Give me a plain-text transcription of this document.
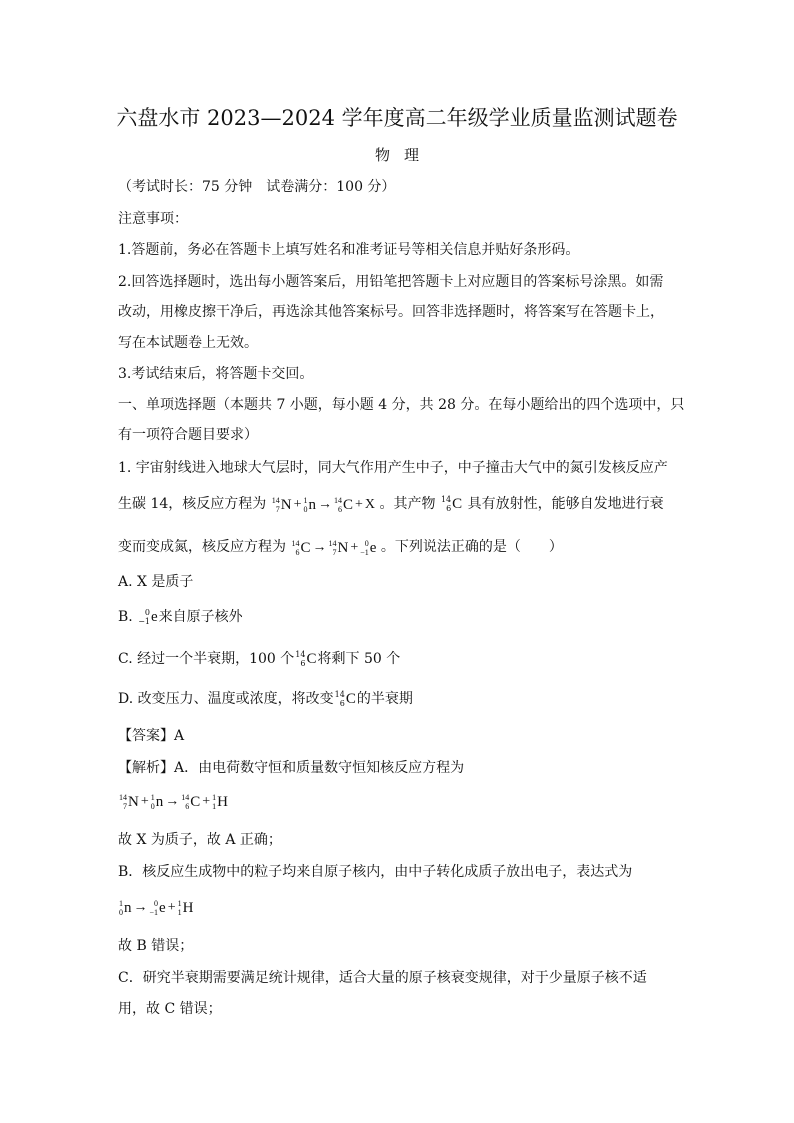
六盘水市 2023—2024 学年度高二年级学业质量监测试题卷
物理
（考试时长：75 分钟　试卷满分：100 分）
注意事项：
1.答题前，务必在答题卡上填写姓名和准考证号等相关信息并贴好条形码。
2.回答选择题时，选出每小题答案后，用铅笔把答题卡上对应题目的答案标号涂黑。如需
改动，用橡皮擦干净后，再选涂其他答案标号。回答非选择题时，将答案写在答题卡上，
写在本试题卷上无效。
3.考试结束后，将答题卡交回。
一、单项选择题（本题共 7 小题，每小题 4 分，共 28 分。在每小题给出的四个选项中，只
有一项符合题目要求）
1. 宇宙射线进入地球大气层时，同大气作用产生中子，中子撞击大气中的氮引发核反应产
生碳 14，核反应方程为 14
7 N + 1
0 n → 14
6 C + X 。其产物 14
6 C 具有放射性，能够自发地进行衰
变而变成氮，核反应方程为 14
6 C → 14
7 N + 0
−1 e 。下列说法正确的是（　　）
A. X 是质子
B. 0
−1 e 来自原子核外
C. 经过一个半衰期，100 个 14
6 C 将剩下 50 个
D. 改变压力、温度或浓度，将改变 14
6 C 的半衰期
【答案】A
【解析】A．由电荷数守恒和质量数守恒知核反应方程为
14
7 N + 1
0 n → 14
6 C + 1
1 H
故 X 为质子，故 A 正确；
B．核反应生成物中的粒子均来自原子核内，由中子转化成质子放出电子，表达式为
1
0 n → 0
−1 e + 1
1 H
故 B 错误；
C．研究半衰期需要满足统计规律，适合大量的原子核衰变规律，对于少量原子核不适
用，故 C 错误；
